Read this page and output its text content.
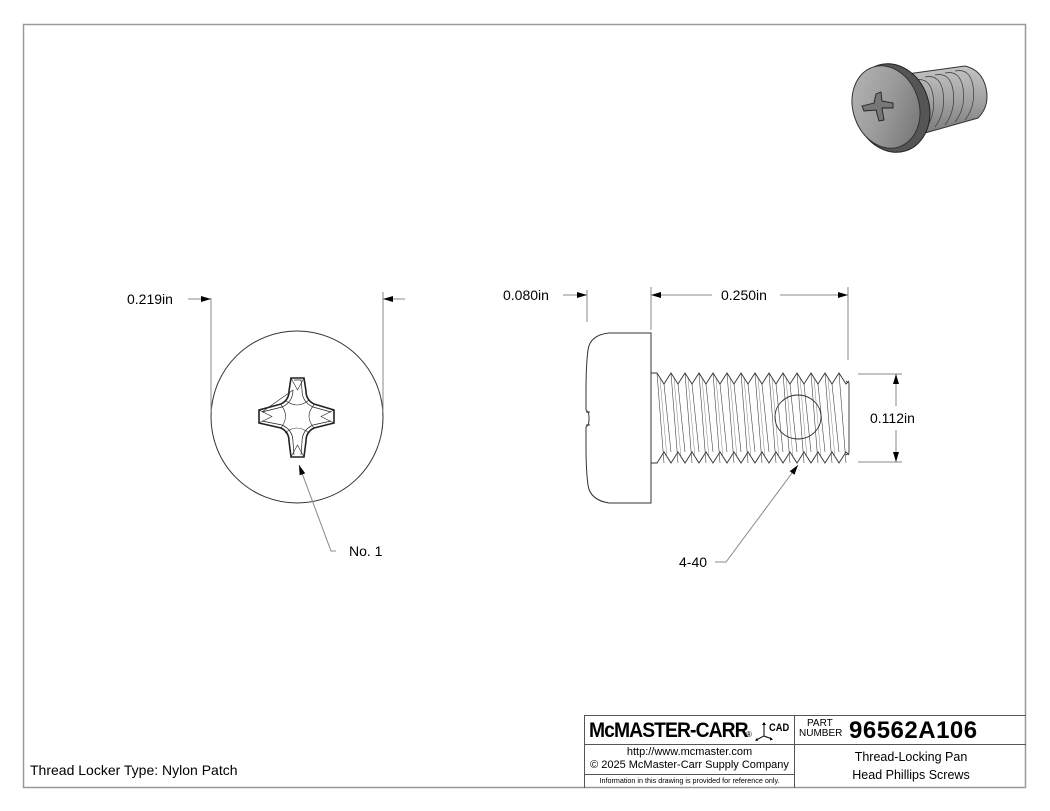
0.219in
No. 1
0.080in	0.250in
0.112in
4-40
Thread Locker Type: Nylon Patch
McMASTER-CARR
®
CAD	PART
NUMBER 96562A106
http://www.mcmaster.com
© 2025 McMaster-Carr Supply Company
Information in this drawing is provided for reference only.
Thread-Locking Pan
Head Phillips Screws
